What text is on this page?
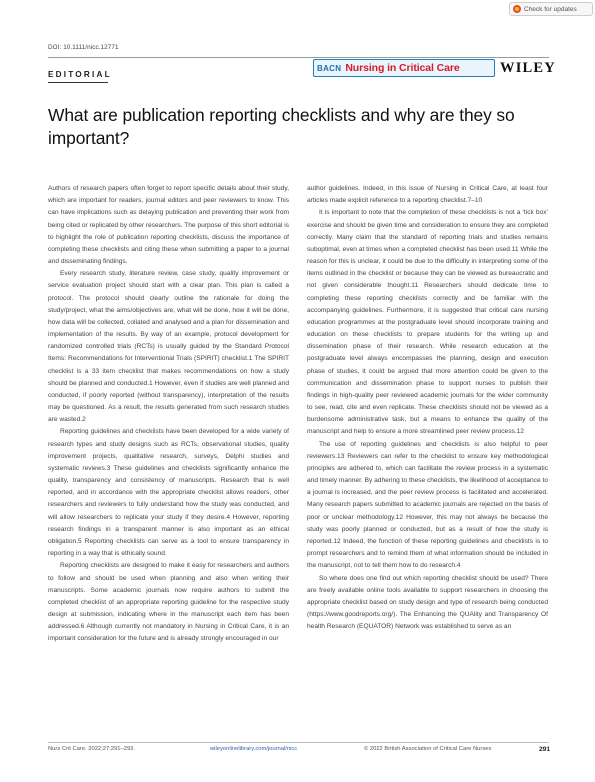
Check for updates
DOI: 10.1111/nicc.12771
EDITORIAL
BACN Nursing in Critical Care	WILEY
What are publication reporting checklists and why are they so important?

Authors of research papers often forget to report specific details about their study, which are important for readers, journal editors and peer reviewers to know. This can have implications such as delaying publication and preventing their work from being cited or replicated by other researchers. The purpose of this short editorial is to highlight the role of publication reporting checklists, discuss the importance of completing these checklists and citing these when submitting a paper to a journal and disseminating findings.

Every research study, literature review, case study, quality improvement or service evaluation project should start with a clear plan. This plan is called a protocol. The protocol should clearly outline the rationale for doing the study/project, what the aims/objectives are, what will be done, how it will be done, how data will be collected, collated and analysed and a plan for dissemination and implementation of the results. By way of an example, protocol development for randomized controlled trials (RCTs) is usually guided by the Standard Protocol Items: Recommendations for Interventional Trials (SPIRIT) checklist.1 The SPIRIT checklist is a 33 item checklist that makes recommendations on how a study should be planned and conducted.1 However, even if studies are well planned and conducted, if poorly reported (without transparency), interpretation of the results may be questioned. As a result, the results generated from such research studies are wasted.2

Reporting guidelines and checklists have been developed for a wide variety of research types and study designs such as RCTs, observational studies, quality improvement projects, qualitative research, surveys, Delphi studies and systematic reviews.3 These guidelines and checklists significantly enhance the quality, transparency and consistency of manuscripts. Research that is well reported, and in accordance with the appropriate checklist allows readers, other researchers and reviewers to fully understand how the study was conducted, and will allow researchers to replicate your study if they desire.4 However, reporting research findings in a transparent manner is also important as an ethical obligation.5 Reporting checklists can serve as a tool to ensure transparency in reporting in a way that is ethically sound.

Reporting checklists are designed to make it easy for researchers and authors to follow and should be used when planning and also when writing their manuscripts. Some academic journals now require authors to submit the completed checklist of an appropriate reporting guideline for the respective study design at submission, indicating where in the manuscript each item has been addressed.6 Although currently not mandatory in Nursing in Critical Care, it is an important consideration for the future and is already strongly encouraged in our

author guidelines. Indeed, in this issue of Nursing in Critical Care, at least four articles made explicit reference to a reporting checklist.7–10

It is important to note that the completion of these checklists is not a ‘tick box’ exercise and should be given time and consideration to ensure they are completed correctly. Many claim that the standard of reporting trials and studies remains suboptimal, even at times when a completed checklist has been used.11 While the reason for this is unclear, it could be due to the difficulty in interpreting some of the items outlined in the checklist or because they can be viewed as bureaucratic and not given considerable thought.11 Researchers should dedicate time to completing these reporting checklists correctly and be familiar with the accompanying guidelines. Furthermore, it is suggested that critical care nursing education programmes at the postgraduate level should incorporate training and education on these checklists to prepare students for the writing up and dissemination phase of their research. While research education at the postgraduate level always encompasses the planning, design and execution phase of studies, it could be argued that more attention could be given to the communication and dissemination phase to support nurses to publish their findings in high-quality peer reviewed academic journals for the wider community to see, read, cite and even replicate. These checklists should not be viewed as a burdensome administrative task, but a means to enhance the quality of the manuscript and help to ensure a more streamlined peer review process.12

The use of reporting guidelines and checklists is also helpful to peer reviewers.13 Reviewers can refer to the checklist to ensure key methodological principles are adhered to, which can facilitate the review process in a systematic and timely manner. By adhering to these checklists, the likelihood of acceptance to a journal is increased, and the peer review process is facilitated and accelerated. Many research papers submitted to academic journals are rejected on the basis of poor or unclear methodology.12 However, this may not always be because the study was poorly planned or conducted, but as a result of how the study is reported.12 Indeed, the function of these reporting guidelines and checklists is to prompt researchers and to remind them of what information should be included in the manuscript, not to tell them how to do research.4

So where does one find out which reporting checklist should be used? There are freely available online tools available to support researchers in choosing the appropriate checklist based on study design and type of research being conducted (https://www.goodreports.org/). The Enhancing the QUAlity and Transparency Of health Research (EQUATOR) Network was established to serve as an

Nurs Crit Care. 2022;27:291–293.	wileyonlinelibrary.com/journal/nicc	© 2022 British Association of Critical Care Nurses	291
